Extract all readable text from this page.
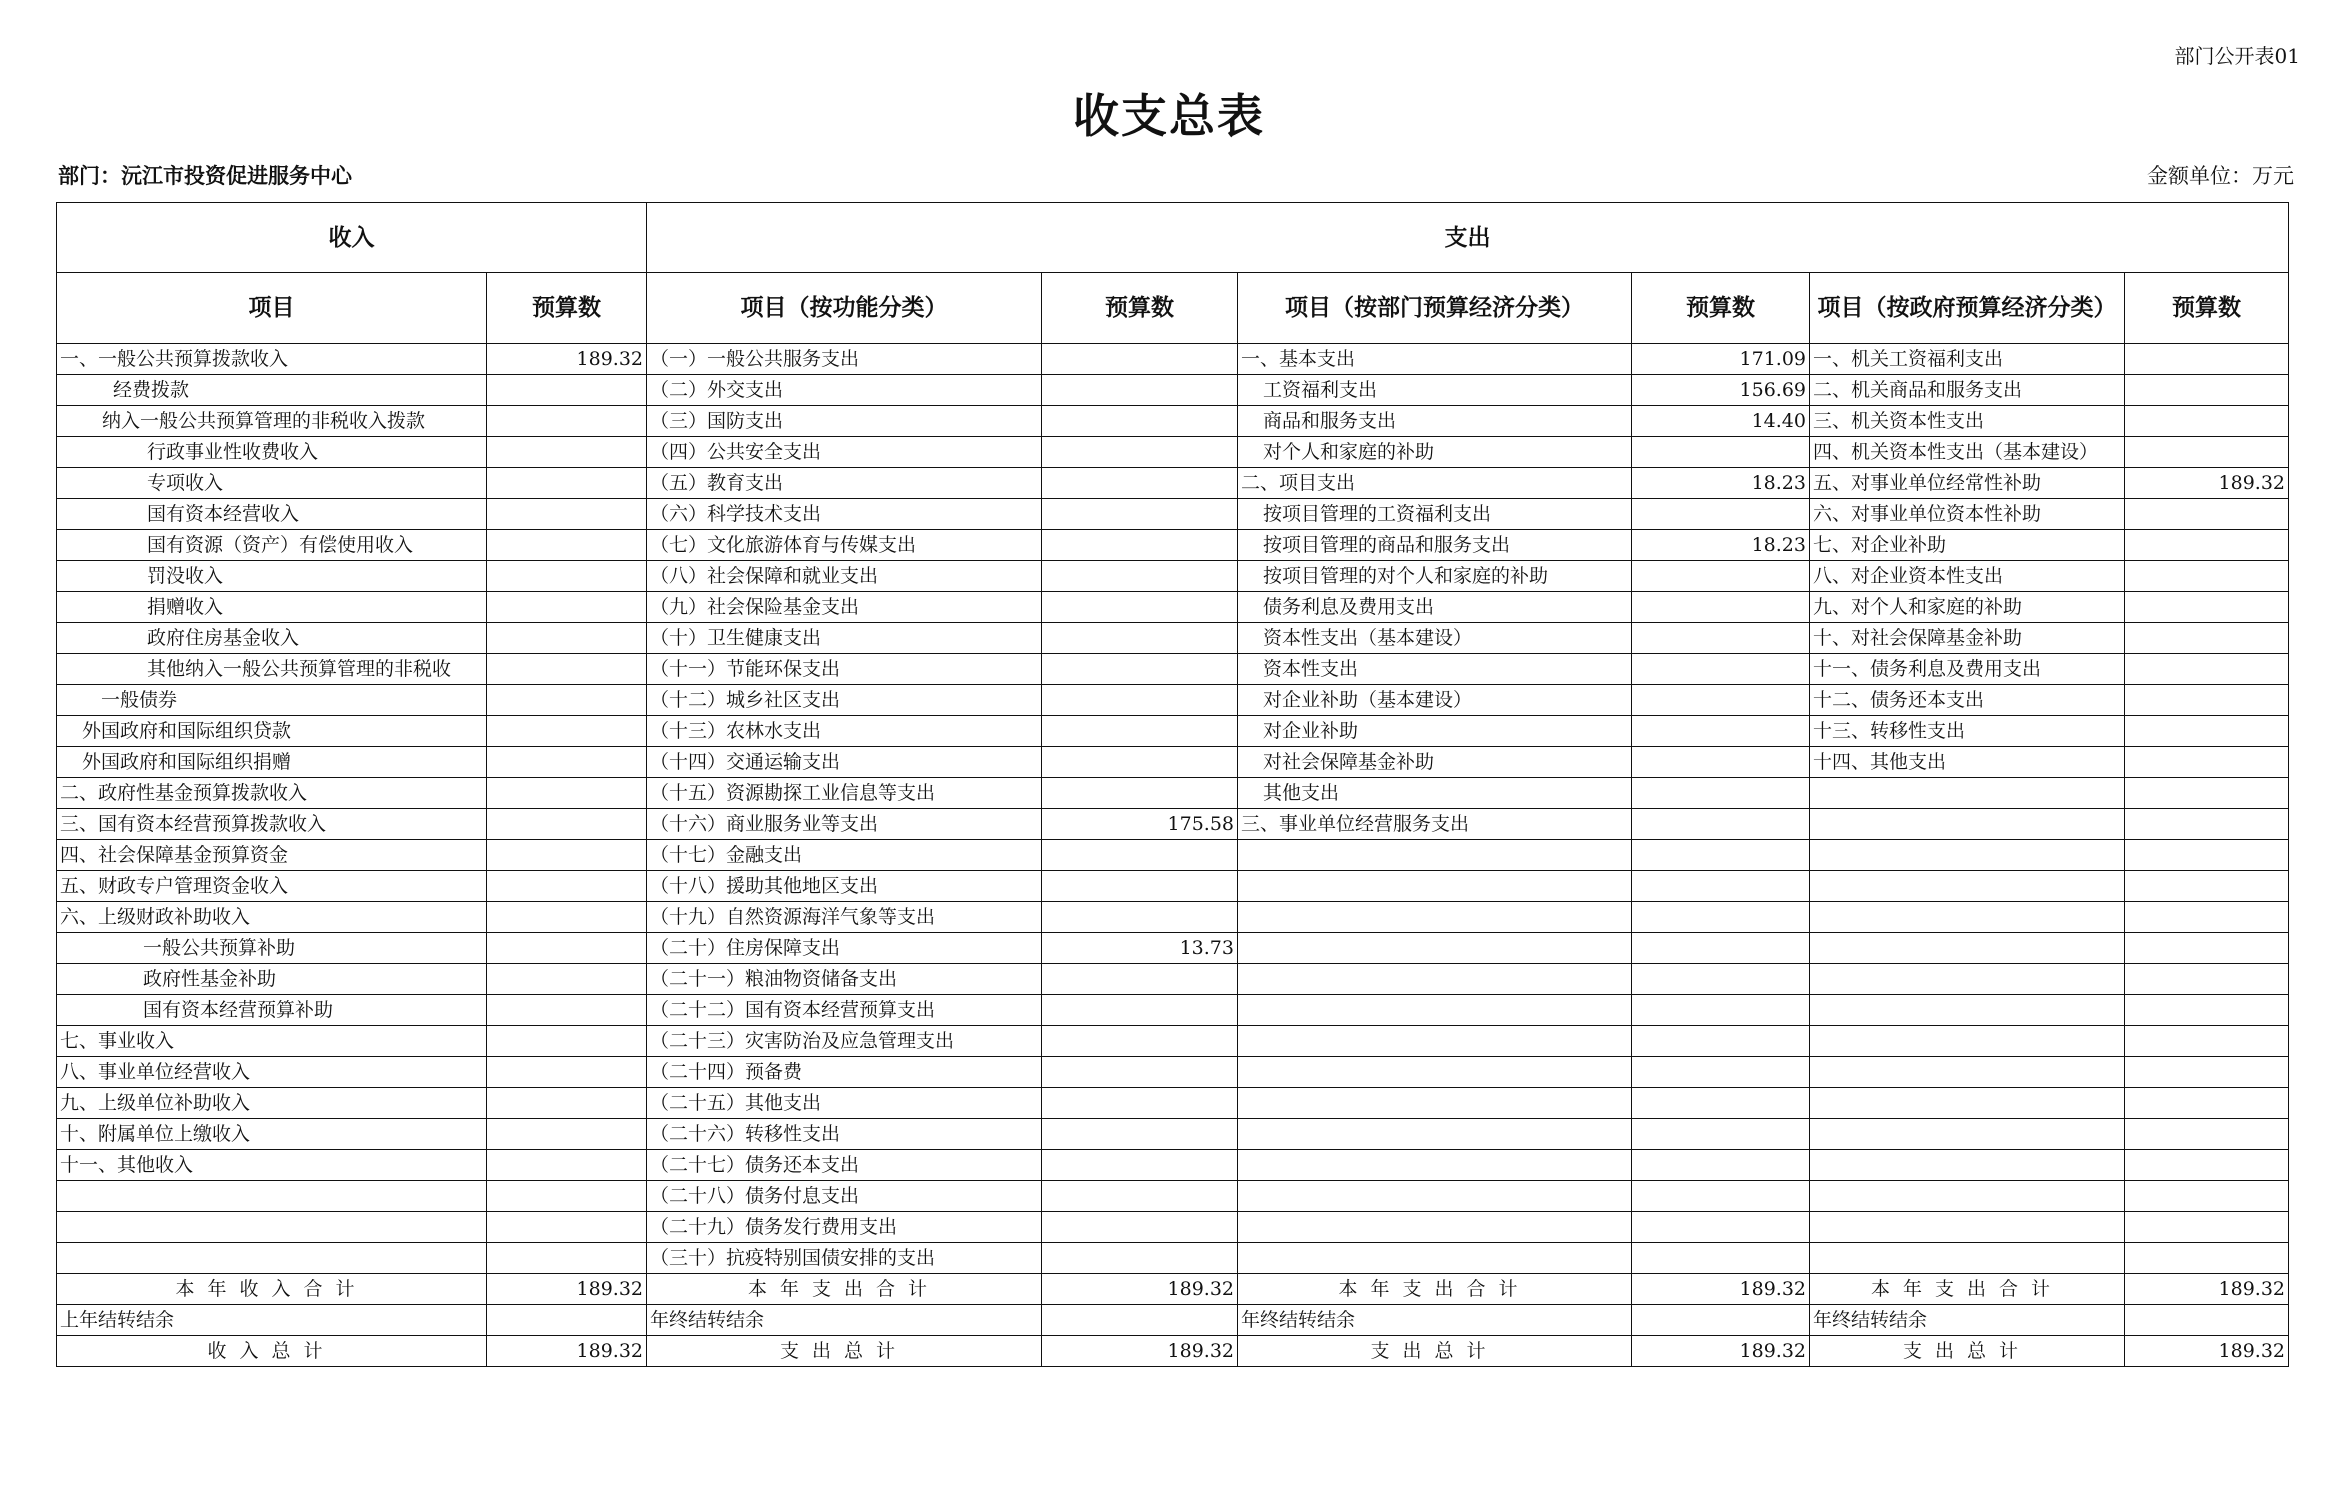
部门公开表01
收支总表
部门：沅江市投资促进服务中心	金额单位：万元
收入		支出					
项目	预算数	项目（按功能分类）	预算数	项目（按部门预算经济分类）	预算数	项目（按政府预算经济分类）	预算数
一、一般公共预算拨款收入	189.32	（一）一般公共服务支出		一、基本支出	171.09	一、机关工资福利支出	
经费拨款		（二）外交支出		工资福利支出	156.69	二、机关商品和服务支出	
纳入一般公共预算管理的非税收入拨款		（三）国防支出		商品和服务支出	14.40	三、机关资本性支出	
行政事业性收费收入		（四）公共安全支出		对个人和家庭的补助		四、机关资本性支出（基本建设）	
专项收入		（五）教育支出		二、项目支出	18.23	五、对事业单位经常性补助	189.32
国有资本经营收入		（六）科学技术支出		按项目管理的工资福利支出		六、对事业单位资本性补助	
国有资源（资产）有偿使用收入		（七）文化旅游体育与传媒支出		按项目管理的商品和服务支出	18.23	七、对企业补助	
罚没收入		（八）社会保障和就业支出		按项目管理的对个人和家庭的补助		八、对企业资本性支出	
捐赠收入		（九）社会保险基金支出		债务利息及费用支出		九、对个人和家庭的补助	
政府住房基金收入		（十）卫生健康支出		资本性支出（基本建设）		十、对社会保障基金补助	
其他纳入一般公共预算管理的非税收		（十一）节能环保支出		资本性支出		十一、债务利息及费用支出	
一般债券		（十二）城乡社区支出		对企业补助（基本建设）		十二、债务还本支出	
外国政府和国际组织贷款		（十三）农林水支出		对企业补助		十三、转移性支出	
外国政府和国际组织捐赠		（十四）交通运输支出		对社会保障基金补助		十四、其他支出	
二、政府性基金预算拨款收入		（十五）资源勘探工业信息等支出		其他支出			
三、国有资本经营预算拨款收入		（十六）商业服务业等支出	175.58	三、事业单位经营服务支出			
四、社会保障基金预算资金		（十七）金融支出					
五、财政专户管理资金收入		（十八）援助其他地区支出					
六、上级财政补助收入		（十九）自然资源海洋气象等支出					
一般公共预算补助		（二十）住房保障支出	13.73				
政府性基金补助		（二十一）粮油物资储备支出					
国有资本经营预算补助		（二十二）国有资本经营预算支出					
七、事业收入		（二十三）灾害防治及应急管理支出					
八、事业单位经营收入		（二十四）预备费					
九、上级单位补助收入		（二十五）其他支出					
十、附属单位上缴收入		（二十六）转移性支出					
十一、其他收入		（二十七）债务还本支出					
		（二十八）债务付息支出					
		（二十九）债务发行费用支出					
		（三十）抗疫特别国债安排的支出					
本年收入合计	189.32	本年支出合计	189.32	本年支出合计	189.32	本年支出合计	189.32
上年结转结余		年终结转结余		年终结转结余		年终结转结余	
收入总计	189.32	支出总计	189.32	支出总计	189.32	支出总计	189.32
